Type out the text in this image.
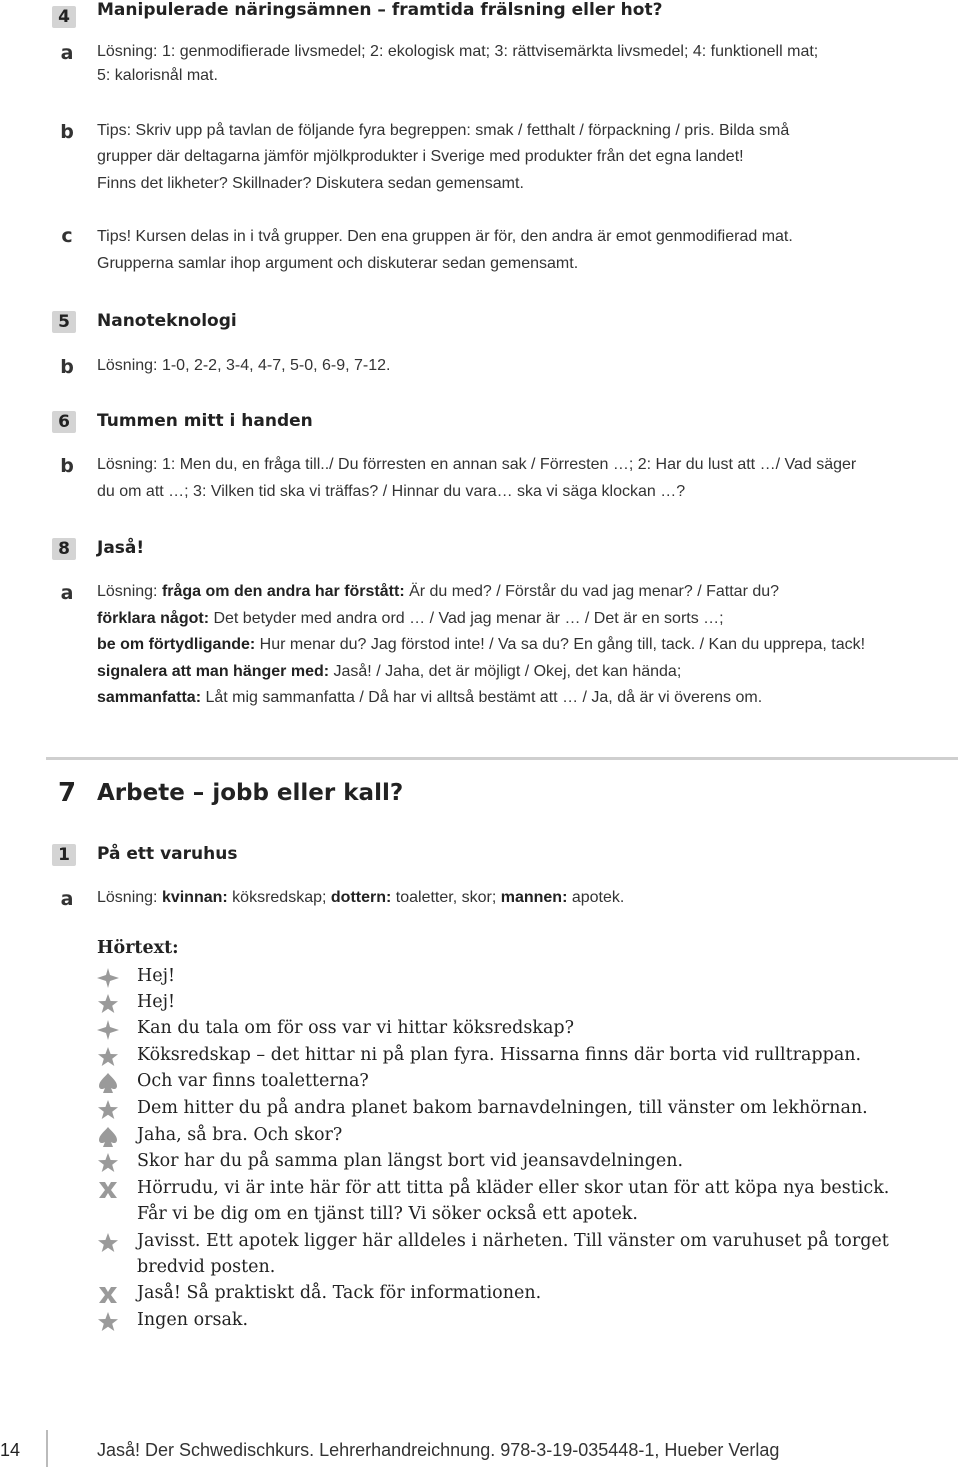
4	Manipulerade näringsämnen – framtida frälsning eller hot?
a Lösning: 1: genmodifierade livsmedel; 2: ekologisk mat; 3: rättvisemärkta livsmedel; 4: funktionell mat;
5: kalorisnål mat.
b Tips: Skriv upp på tavlan de följande fyra begreppen: smak / fetthalt / förpackning / pris. Bilda små
grupper där deltagarna jämför mjölkprodukter i Sverige med produkter från det egna landet!
Finns det likheter? Skillnader? Diskutera sedan gemensamt.
c	Tips! Kursen delas in i två grupper. Den ena gruppen är för, den andra är emot genmodifierad mat.
Grupperna samlar ihop argument och diskuterar sedan gemensamt.
5	Nanoteknologi
b Lösning: 1-0, 2-2, 3-4, 4-7, 5-0, 6-9, 7-12.
6	Tummen mitt i handen
b Lösning: 1: Men du, en fråga till../ Du förresten en annan sak / Förresten …; 2: Har du lust att …/ Vad säger
du om att …; 3: Vilken tid ska vi träffas? / Hinnar du vara… ska vi säga klockan …?
8	Jaså!
a Lösning: fråga om den andra har förstått: Är du med? / Förstår du vad jag menar? / Fattar du?
förklara något: Det betyder med andra ord … / Vad jag menar är … / Det är en sorts …;
be om förtydligande: Hur menar du? Jag förstod inte! / Va sa du? En gång till, tack. / Kan du upprepa, tack!
signalera att man hänger med: Jaså! / Jaha, det är möjligt / Okej, det kan hända;
sammanfatta: Låt mig sammanfatta / Då har vi alltså bestämt att … / Ja, då är vi överens om.
7 Arbete – jobb eller kall?
1	På ett varuhus
a Lösning: kvinnan: köksredskap; dottern: toaletter, skor; mannen: apotek.
Hörtext:
Hej!
Hej!
Kan du tala om för oss var vi hittar köksredskap?
Köksredskap – det hittar ni på plan fyra. Hissarna finns där borta vid rulltrappan.
Och var finns toaletterna?
Dem hitter du på andra planet bakom barnavdelningen, till vänster om lekhörnan.
Jaha, så bra. Och skor?
Skor har du på samma plan längst bort vid jeansavdelningen.
Hörrudu, vi är inte här för att titta på kläder eller skor utan för att köpa nya bestick.
Får vi be dig om en tjänst till? Vi söker också ett apotek.
Javisst. Ett apotek ligger här alldeles i närheten. Till vänster om varuhuset på torget
bredvid posten.
Jaså! Så praktiskt då. Tack för informationen.
Ingen orsak.
14	Jaså! Der Schwedischkurs. Lehrerhandreichnung. 978-3-19-035448-1, Hueber Verlag
